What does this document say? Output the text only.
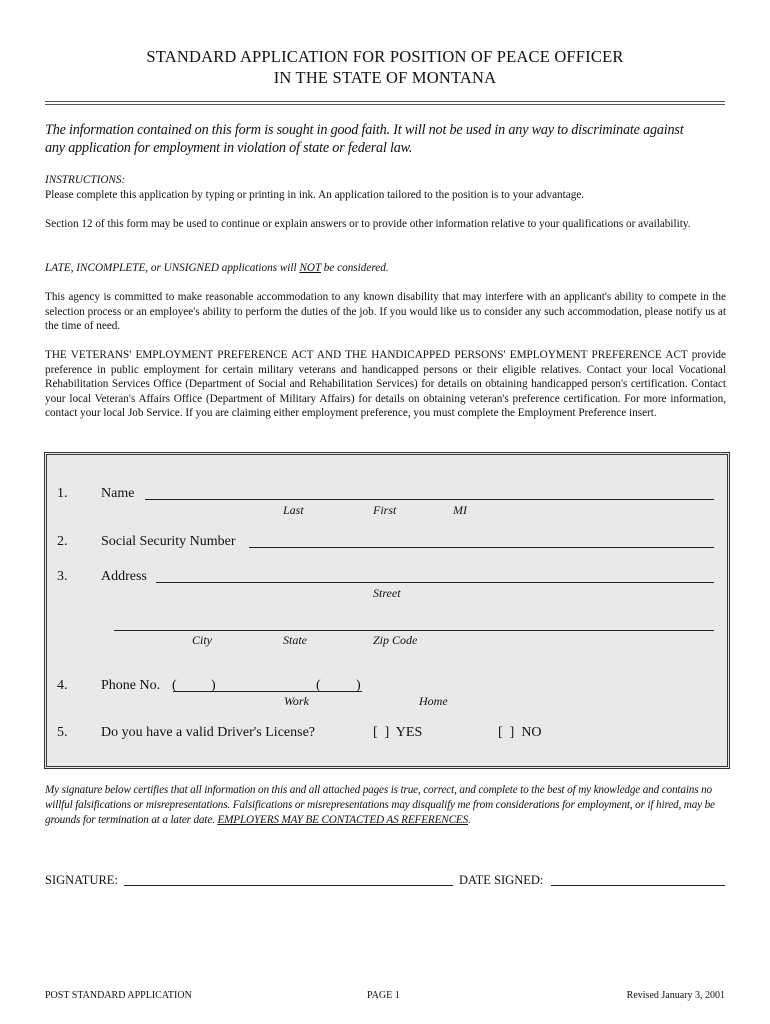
STANDARD APPLICATION FOR POSITION OF PEACE OFFICER
IN THE STATE OF MONTANA
The information contained on this form is sought in good faith. It will not be used in any way to discriminate against
any application for employment in violation of state or federal law.
INSTRUCTIONS:
Please complete this application by typing or printing in ink. An application tailored to the position is to your advantage.
Section 12 of this form may be used to continue or explain answers or to provide other information relative to your qualifications or availability.
LATE, INCOMPLETE, or UNSIGNED applications will NOT be considered.
This agency is committed to make reasonable accommodation to any known disability that may interfere with an applicant's ability to compete in the selection process or an employee's ability to perform the duties of the job. If you would like us to consider any such accommodation, please notify us at the time of need.
THE VETERANS' EMPLOYMENT PREFERENCE ACT AND THE HANDICAPPED PERSONS' EMPLOYMENT PREFERENCE ACT provide preference in public employment for certain military veterans and handicapped persons or their eligible relatives. Contact your local Vocational Rehabilitation Services Office (Department of Social and Rehabilitation Services) for details on obtaining handicapped person's certification. Contact your local Veteran's Affairs Office (Department of Military Affairs) for details on obtaining veteran's preference certification. For more information, contact your local Job Service. If you are claiming either employment preference, you must complete the Employment Preference insert.
1. Name
Last	First	MI
2. Social Security Number
3. Address
Street
City	State	Zip Code
4. Phone No. ( )	(	)
Work	Home
5. Do you have a valid Driver's License?	[  ]  YES	[  ]  NO
My signature below certifies that all information on this and all attached pages is true, correct, and complete to the best of my knowledge and contains no willful falsifications or misrepresentations. Falsifications or misrepresentations may disqualify me from considerations for employment, or if hired, may be grounds for termination at a later date. EMPLOYERS MAY BE CONTACTED AS REFERENCES.
SIGNATURE:	DATE SIGNED:
POST STANDARD APPLICATION	PAGE 1	Revised January 3, 2001
